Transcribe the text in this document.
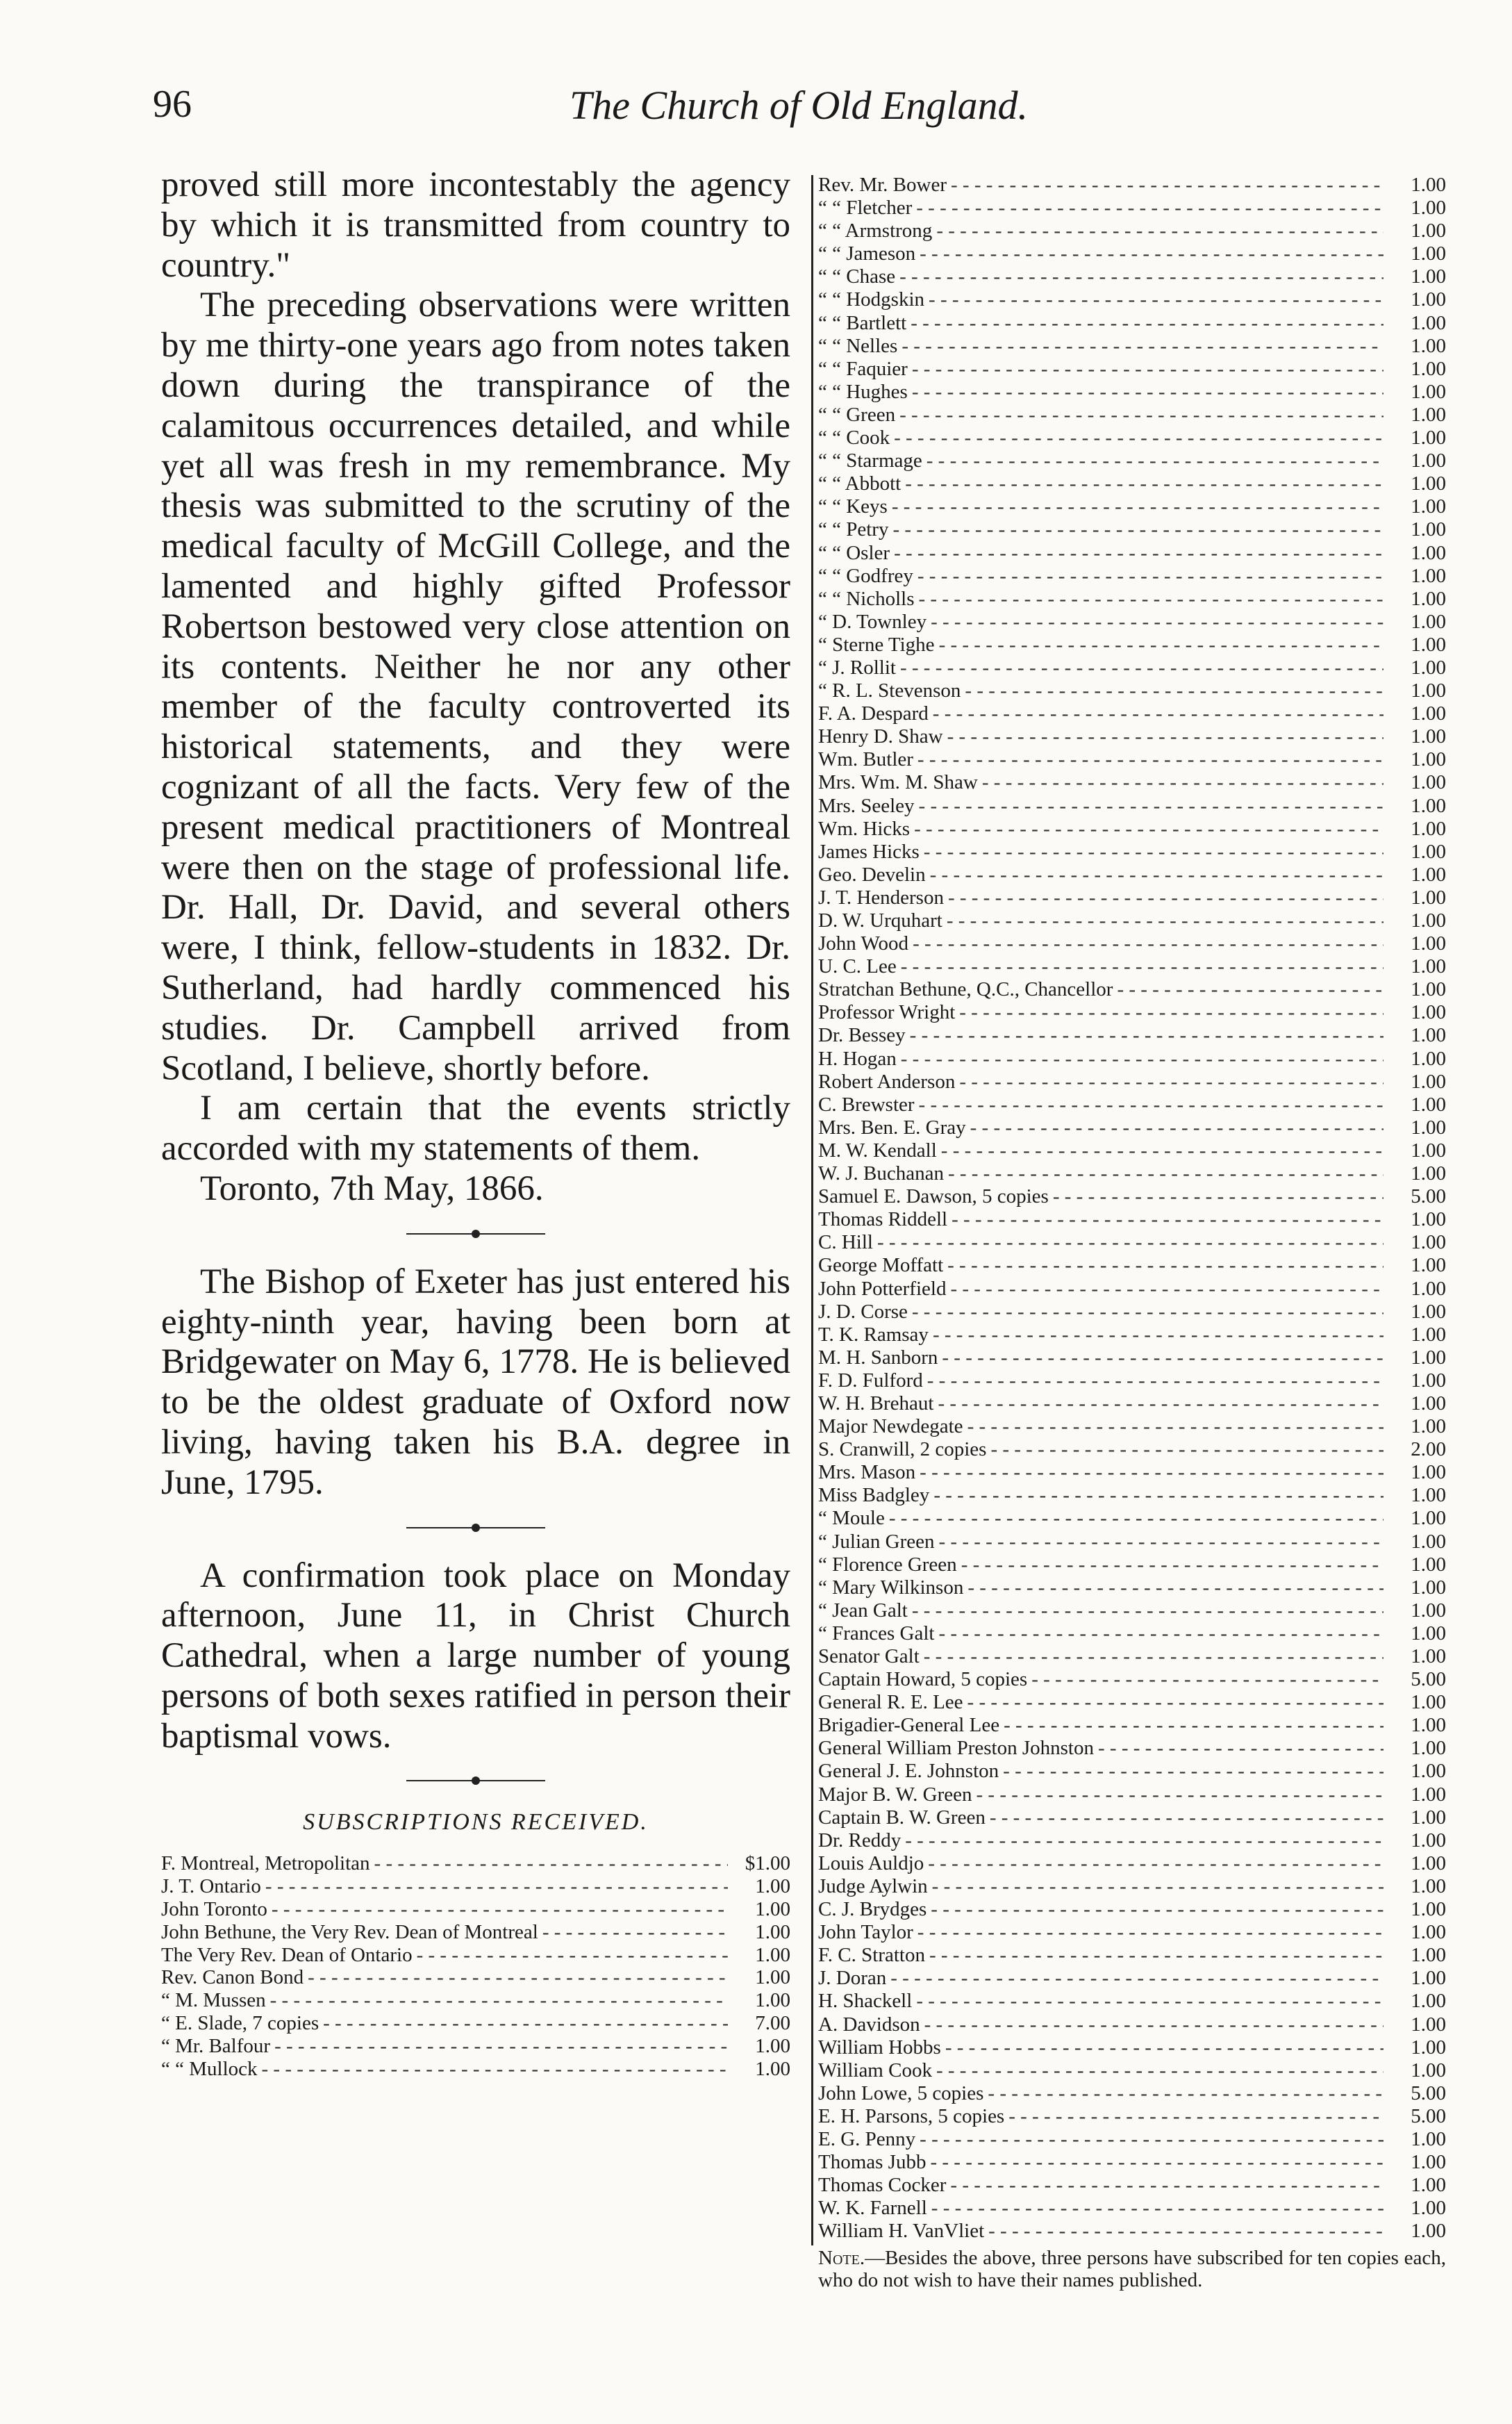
96	The Church of Old England.

proved still more incontestably the agency by which it is transmitted from country to country."

The preceding observations were written by me thirty-one years ago from notes taken down during the transpirance of the calamitous occurrences detailed, and while yet all was fresh in my remembrance. My thesis was submitted to the scrutiny of the medical faculty of McGill College, and the lamented and highly gifted Professor Robertson bestowed very close attention on its contents. Neither he nor any other member of the faculty controverted its historical statements, and they were cognizant of all the facts. Very few of the present medical practitioners of Montreal were then on the stage of professional life. Dr. Hall, Dr. David, and several others were, I think, fellow-students in 1832. Dr. Sutherland, had hardly commenced his studies. Dr. Campbell arrived from Scotland, I believe, shortly before.

I am certain that the events strictly accorded with my statements of them.

Toronto, 7th May, 1866.

The Bishop of Exeter has just entered his eighty-ninth year, having been born at Bridgewater on May 6, 1778. He is believed to be the oldest graduate of Oxford now living, having taken his B.A. degree in June, 1795.

A confirmation took place on Monday afternoon, June 11, in Christ Church Cathedral, when a large number of young persons of both sexes ratified in person their baptismal vows.

SUBSCRIPTIONS RECEIVED.
F. Montreal, Metropolitan - - -	$1.00
J. T. Ontario - - -	1.00
John Toronto - - -	1.00
John Bethune, the Very Rev. Dean of Montreal - - -	1.00
The Very Rev. Dean of Ontario - - -	1.00
Rev. Canon Bond - - -	1.00
“ M. Mussen - - -	1.00
“ E. Slade, 7 copies - - -	7.00
“ Mr. Balfour - - -	1.00
“ “ Mullock - - -	1.00
Rev. Mr. Bower - - -	1.00
“ “ Fletcher - - -	1.00
“ “ Armstrong - - -	1.00
“ “ Jameson - - -	1.00
“ “ Chase - - -	1.00
“ “ Hodgskin - - -	1.00
“ “ Bartlett - - -	1.00
“ “ Nelles - - -	1.00
“ “ Faquier - - -	1.00
“ “ Hughes - - -	1.00
“ “ Green - - -	1.00
“ “ Cook - - -	1.00
“ “ Starmage - - -	1.00
“ “ Abbott - - -	1.00
“ “ Keys - - -	1.00
“ “ Petry - - -	1.00
“ “ Osler - - -	1.00
“ “ Godfrey - - -	1.00
“ “ Nicholls - - -	1.00
“ D. Townley - - -	1.00
“ Sterne Tighe - - -	1.00
“ J. Rollit - - -	1.00
“ R. L. Stevenson - - -	1.00
F. A. Despard - - -	1.00
Henry D. Shaw - - -	1.00
Wm. Butler - - -	1.00
Mrs. Wm. M. Shaw - - -	1.00
Mrs. Seeley - - -	1.00
Wm. Hicks - - -	1.00
James Hicks - - -	1.00
Geo. Develin - - -	1.00
J. T. Henderson - - -	1.00
D. W. Urquhart - - -	1.00
John Wood - - -	1.00
U. C. Lee - - -	1.00
Stratchan Bethune, Q.C., Chancellor - - -	1.00
Professor Wright - - -	1.00
Dr. Bessey - - -	1.00
H. Hogan - - -	1.00
Robert Anderson - - -	1.00
C. Brewster - - -	1.00
Mrs. Ben. E. Gray - - -	1.00
M. W. Kendall - - -	1.00
W. J. Buchanan - - -	1.00
Samuel E. Dawson, 5 copies - - -	5.00
Thomas Riddell - - -	1.00
C. Hill - - -	1.00
George Moffatt - - -	1.00
John Potterfield - - -	1.00
J. D. Corse - - -	1.00
T. K. Ramsay - - -	1.00
M. H. Sanborn - - -	1.00
F. D. Fulford - - -	1.00
W. H. Brehaut - - -	1.00
Major Newdegate - - -	1.00
S. Cranwill, 2 copies - - -	2.00
Mrs. Mason - - -	1.00
Miss Badgley - - -	1.00
“ Moule - - -	1.00
“ Julian Green - - -	1.00
“ Florence Green - - -	1.00
“ Mary Wilkinson - - -	1.00
“ Jean Galt - - -	1.00
“ Frances Galt - - -	1.00
Senator Galt - - -	1.00
Captain Howard, 5 copies - - -	5.00
General R. E. Lee - - -	1.00
Brigadier-General Lee - - -	1.00
General William Preston Johnston - - -	1.00
General J. E. Johnston - - -	1.00
Major B. W. Green - - -	1.00
Captain B. W. Green - - -	1.00
Dr. Reddy - - -	1.00
Louis Auldjo - - -	1.00
Judge Aylwin - - -	1.00
C. J. Brydges - - -	1.00
John Taylor - - -	1.00
F. C. Stratton - - -	1.00
J. Doran - - -	1.00
H. Shackell - - -	1.00
A. Davidson - - -	1.00
William Hobbs - - -	1.00
William Cook - - -	1.00
John Lowe, 5 copies - - -	5.00
E. H. Parsons, 5 copies - - -	5.00
E. G. Penny - - -	1.00
Thomas Jubb - - -	1.00
Thomas Cocker - - -	1.00
W. K. Farnell - - -	1.00
William H. VanVliet - - -	1.00
Note.—Besides the above, three persons have subscribed for ten copies each, who do not wish to have their names published.
